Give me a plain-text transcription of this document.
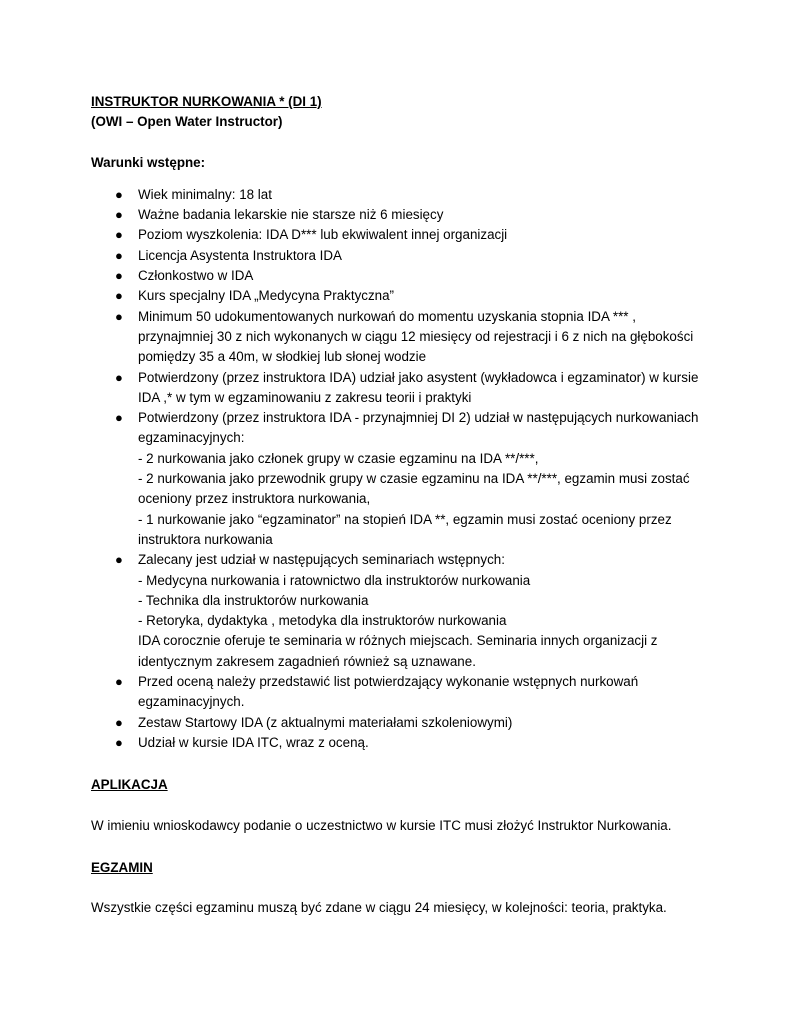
INSTRUKTOR NURKOWANIA * (DI 1)

(OWI – Open Water Instructor)

Warunki wstępne:

● Wiek minimalny: 18 lat
● Ważne badania lekarskie nie starsze niż 6 miesięcy
● Poziom wyszkolenia: IDA D*** lub ekwiwalent innej organizacji
● Licencja Asystenta Instruktora IDA
● Członkostwo w IDA
● Kurs specjalny IDA „Medycyna Praktyczna”
● Minimum 50 udokumentowanych nurkowań do momentu uzyskania stopnia IDA *** ,
przynajmniej 30 z nich wykonanych w ciągu 12 miesięcy od rejestracji i 6 z nich na głębokości
pomiędzy 35 a 40m, w słodkiej lub słonej wodzie
● Potwierdzony (przez instruktora IDA) udział jako asystent (wykładowca i egzaminator) w kursie
IDA ,* w tym w egzaminowaniu z zakresu teorii i praktyki
● Potwierdzony (przez instruktora IDA - przynajmniej DI 2) udział w następujących nurkowaniach
egzaminacyjnych:
- 2 nurkowania jako członek grupy w czasie egzaminu na IDA **/***,
- 2 nurkowania jako przewodnik grupy w czasie egzaminu na IDA **/***, egzamin musi zostać
oceniony przez instruktora nurkowania,
- 1 nurkowanie jako “egzaminator” na stopień IDA **, egzamin musi zostać oceniony przez
instruktora nurkowania
● Zalecany jest udział w następujących seminariach wstępnych:
- Medycyna nurkowania i ratownictwo dla instruktorów nurkowania
- Technika dla instruktorów nurkowania
- Retoryka, dydaktyka , metodyka dla instruktorów nurkowania
IDA corocznie oferuje te seminaria w różnych miejscach. Seminaria innych organizacji z
identycznym zakresem zagadnień również są uznawane.
● Przed oceną należy przedstawić list potwierdzający wykonanie wstępnych nurkowań
egzaminacyjnych.
● Zestaw Startowy IDA (z aktualnymi materiałami szkoleniowymi)
● Udział w kursie IDA ITC, wraz z oceną.

APLIKACJA

W imieniu wnioskodawcy podanie o uczestnictwo w kursie ITC musi złożyć Instruktor Nurkowania.

EGZAMIN

Wszystkie części egzaminu muszą być zdane w ciągu 24 miesięcy, w kolejności: teoria, praktyka.
